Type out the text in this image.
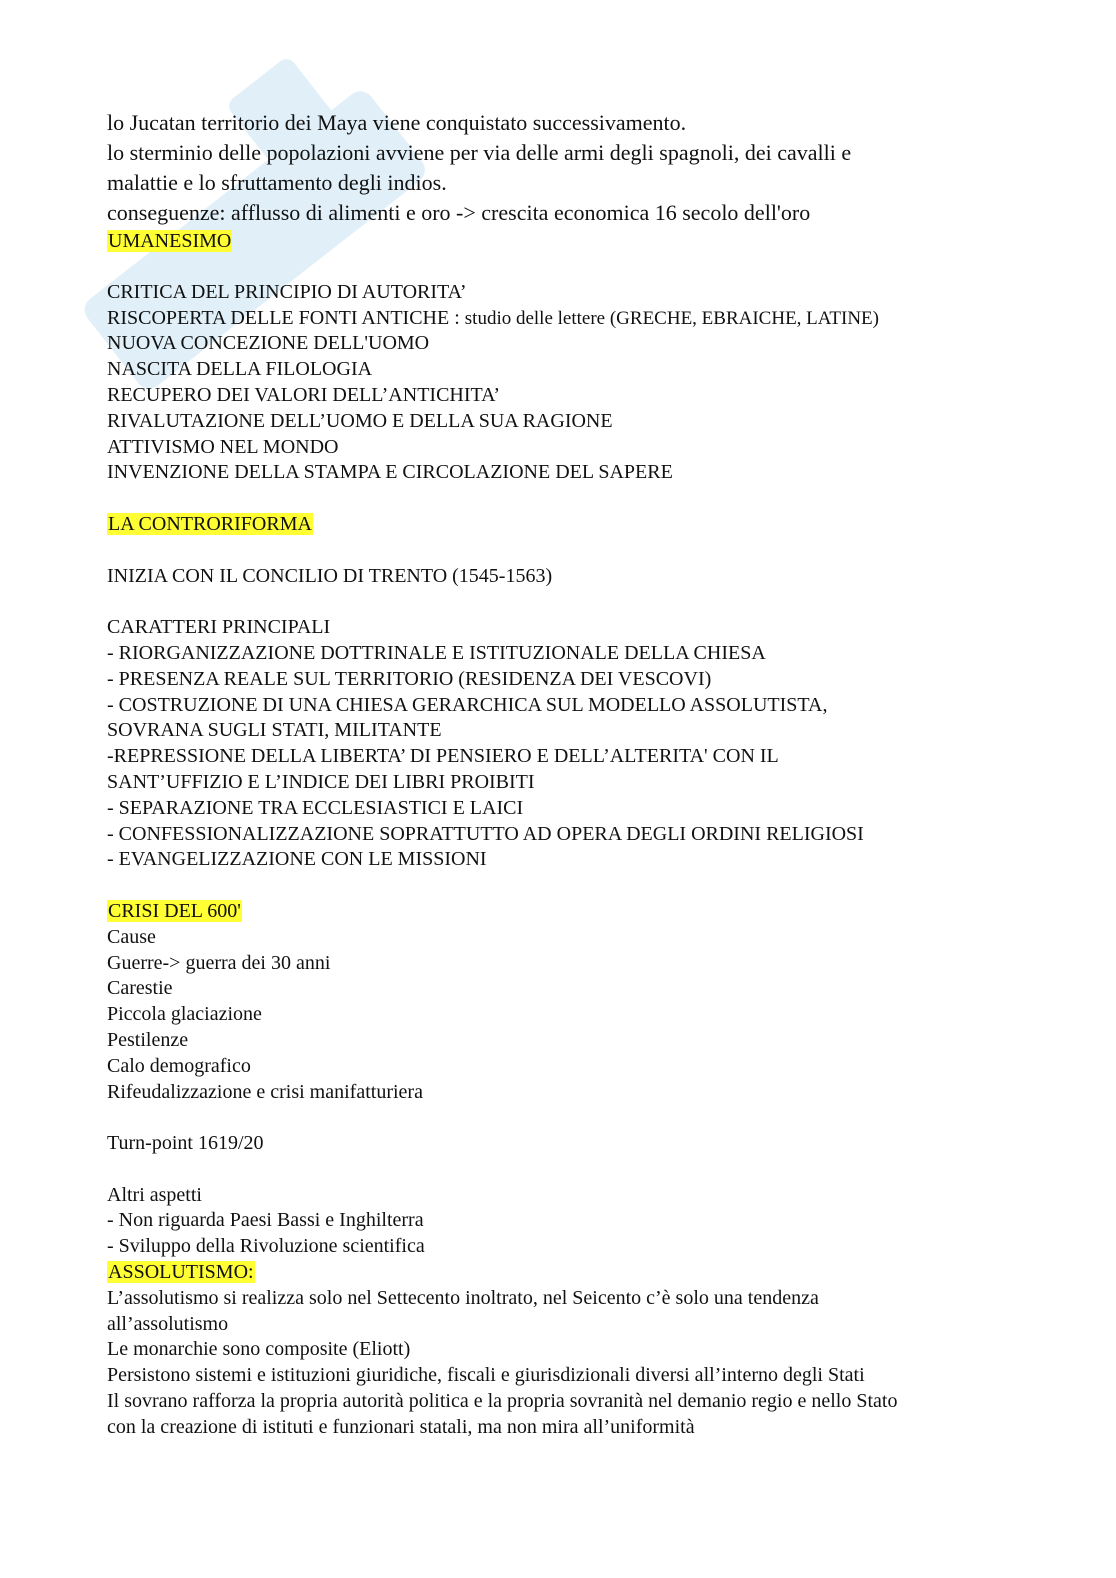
lo Jucatan territorio dei Maya viene conquistato successivamento.
lo sterminio delle popolazioni avviene per via delle armi degli spagnoli, dei cavalli e
malattie e lo sfruttamento degli indios.
conseguenze: afflusso di alimenti e oro -> crescita economica 16 secolo dell'oro
UMANESIMO
CRITICA DEL PRINCIPIO DI AUTORITA’
RISCOPERTA DELLE FONTI ANTICHE : studio delle lettere (GRECHE, EBRAICHE, LATINE)
NUOVA CONCEZIONE DELL'UOMO
NASCITA DELLA FILOLOGIA
RECUPERO DEI VALORI DELL’ANTICHITA’
RIVALUTAZIONE DELL’UOMO E DELLA SUA RAGIONE
ATTIVISMO NEL MONDO
INVENZIONE DELLA STAMPA E CIRCOLAZIONE DEL SAPERE
LA CONTRORIFORMA
INIZIA CON IL CONCILIO DI TRENTO (1545-1563)
CARATTERI PRINCIPALI
- RIORGANIZZAZIONE DOTTRINALE E ISTITUZIONALE DELLA CHIESA
- PRESENZA REALE SUL TERRITORIO (RESIDENZA DEI VESCOVI)
- COSTRUZIONE DI UNA CHIESA GERARCHICA SUL MODELLO ASSOLUTISTA,
SOVRANA SUGLI STATI, MILITANTE
-REPRESSIONE DELLA LIBERTA’ DI PENSIERO E DELL’ALTERITA' CON IL
SANT’UFFIZIO E L’INDICE DEI LIBRI PROIBITI
- SEPARAZIONE TRA ECCLESIASTICI E LAICI
- CONFESSIONALIZZAZIONE SOPRATTUTTO AD OPERA DEGLI ORDINI RELIGIOSI
- EVANGELIZZAZIONE CON LE MISSIONI
CRISI DEL 600'
Cause
Guerre-> guerra dei 30 anni
Carestie
Piccola glaciazione
Pestilenze
Calo demografico
Rifeudalizzazione e crisi manifatturiera
Turn-point 1619/20
Altri aspetti
- Non riguarda Paesi Bassi e Inghilterra
- Sviluppo della Rivoluzione scientifica
ASSOLUTISMO:
L’assolutismo si realizza solo nel Settecento inoltrato, nel Seicento c’è solo una tendenza
all’assolutismo
Le monarchie sono composite (Eliott)
Persistono sistemi e istituzioni giuridiche, fiscali e giurisdizionali diversi all’interno degli Stati
Il sovrano rafforza la propria autorità politica e la propria sovranità nel demanio regio e nello Stato
con la creazione di istituti e funzionari statali, ma non mira all’uniformità
